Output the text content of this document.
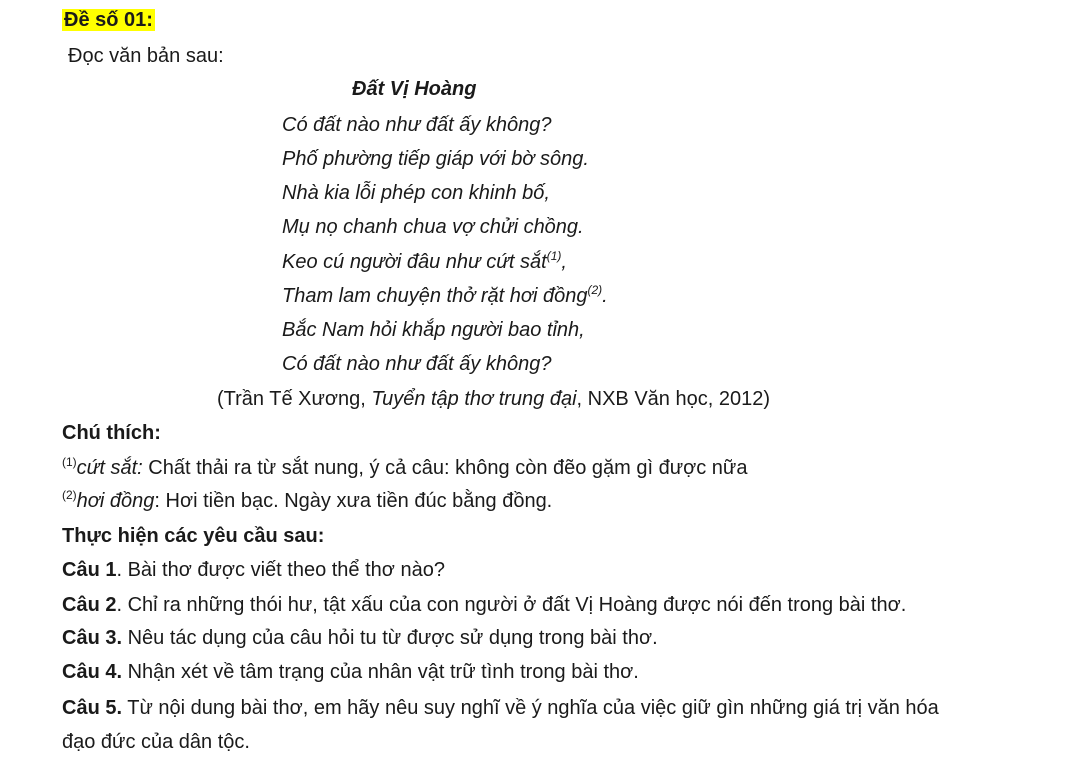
Đề số 01:
Đọc văn bản sau:
Đất Vị Hoàng
Có đất nào như đất ấy không?
Phố phường tiếp giáp với bờ sông.
Nhà kia lỗi phép con khinh bố,
Mụ nọ chanh chua vợ chửi chồng.
Keo cú người đâu như cứt sắt$^{(1)}$,
Tham lam chuyện thở rặt hơi đồng$^{(2)}$.
Bắc Nam hỏi khắp người bao tỉnh,
Có đất nào như đất ấy không?
(Trần Tế Xương, Tuyển tập thơ trung đại, NXB Văn học, 2012)
Chú thích:
$^{(1)}$cứt sắt: Chất thải ra từ sắt nung, ý cả câu: không còn đẽo gặm gì được nữa
$^{(2)}$hơi đồng: Hơi tiền bạc. Ngày xưa tiền đúc bằng đồng.
Thực hiện các yêu cầu sau:
Câu 1. Bài thơ được viết theo thể thơ nào?
Câu 2. Chỉ ra những thói hư, tật xấu của con người ở đất Vị Hoàng được nói đến trong bài thơ.
Câu 3. Nêu tác dụng của câu hỏi tu từ được sử dụng trong bài thơ.
Câu 4. Nhận xét về tâm trạng của nhân vật trữ tình trong bài thơ.
Câu 5. Từ nội dung bài thơ, em hãy nêu suy nghĩ về ý nghĩa của việc giữ gìn những giá trị văn hóa
đạo đức của dân tộc.
